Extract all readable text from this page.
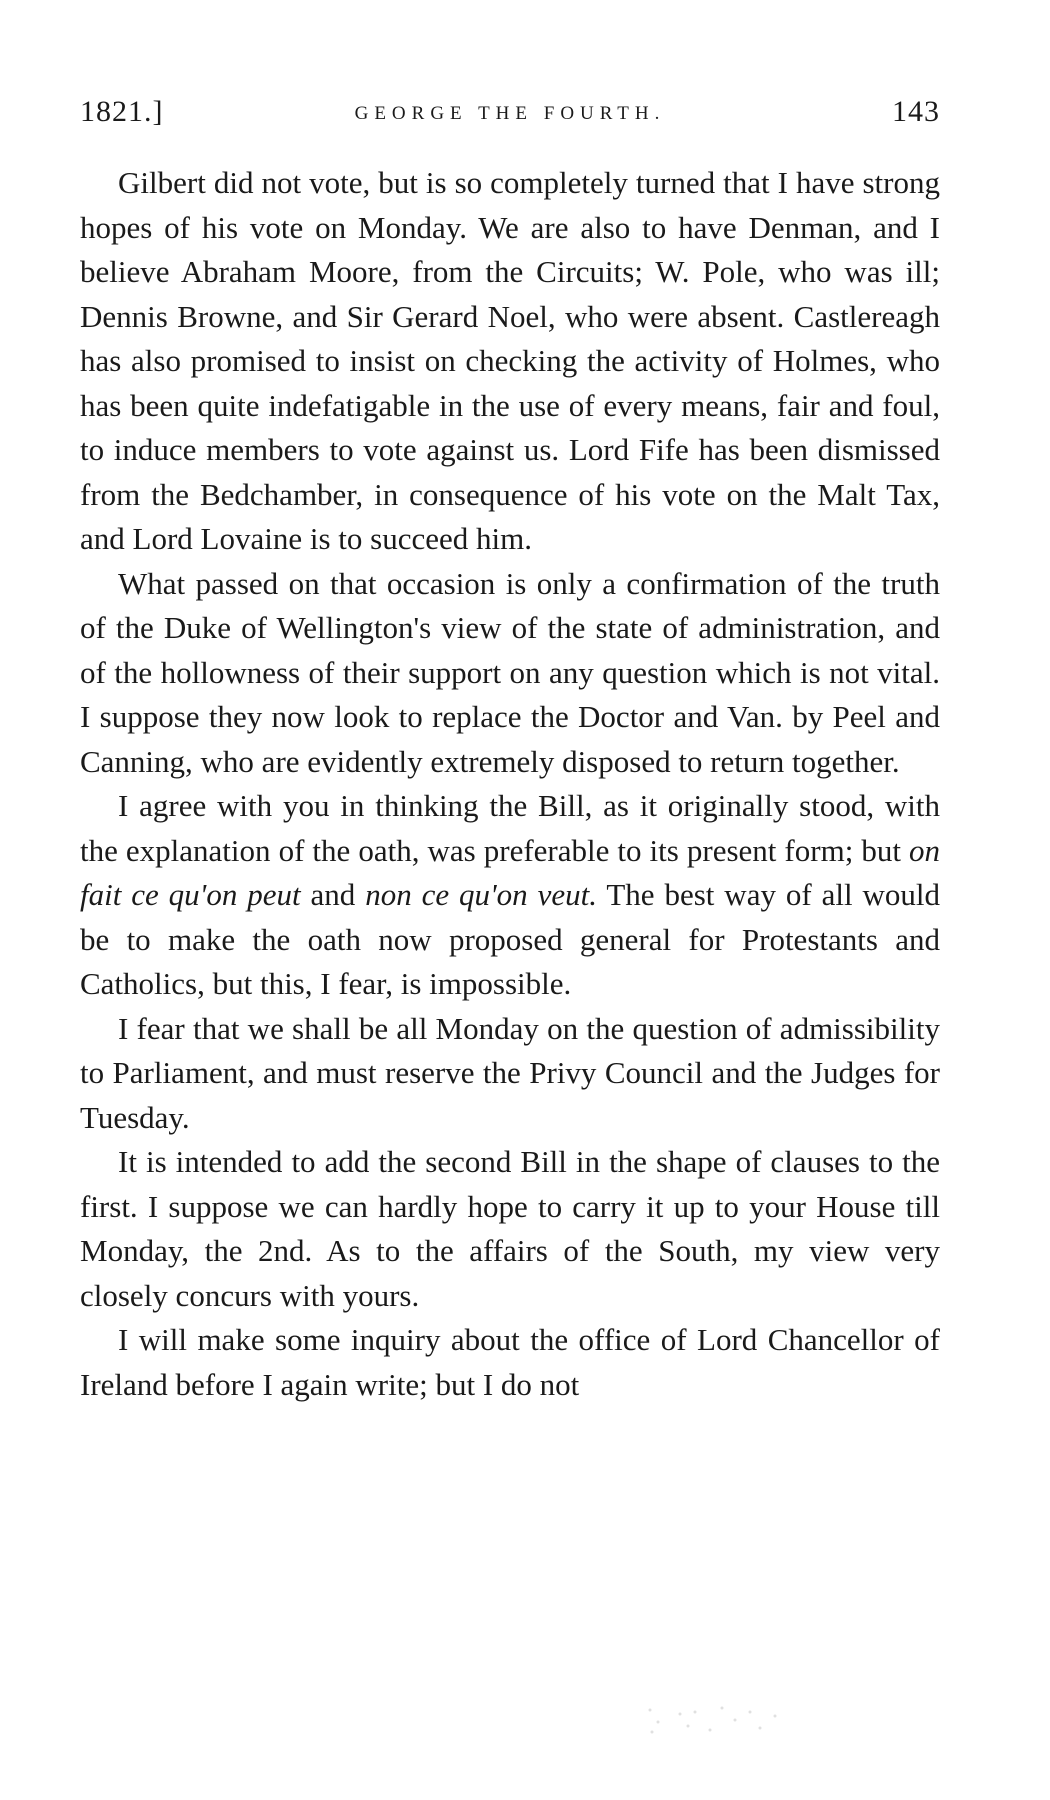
1821.]	GEORGE THE FOURTH.	143

Gilbert did not vote, but is so completely turned that I have strong hopes of his vote on Monday. We are also to have Denman, and I believe Abraham Moore, from the Circuits; W. Pole, who was ill; Dennis Browne, and Sir Gerard Noel, who were absent. Castlereagh has also promised to insist on checking the activity of Holmes, who has been quite indefatigable in the use of every means, fair and foul, to induce members to vote against us. Lord Fife has been dismissed from the Bedchamber, in consequence of his vote on the Malt Tax, and Lord Lovaine is to succeed him.

What passed on that occasion is only a confirmation of the truth of the Duke of Wellington's view of the state of administration, and of the hollowness of their support on any question which is not vital. I suppose they now look to replace the Doctor and Van. by Peel and Canning, who are evidently extremely disposed to return together.

I agree with you in thinking the Bill, as it originally stood, with the explanation of the oath, was preferable to its present form; but on fait ce qu'on peut and non ce qu'on veut. The best way of all would be to make the oath now proposed general for Protestants and Catholics, but this, I fear, is impossible.

I fear that we shall be all Monday on the question of admissibility to Parliament, and must reserve the Privy Council and the Judges for Tuesday.

It is intended to add the second Bill in the shape of clauses to the first. I suppose we can hardly hope to carry it up to your House till Monday, the 2nd. As to the affairs of the South, my view very closely concurs with yours.

I will make some inquiry about the office of Lord Chancellor of Ireland before I again write; but I do not
